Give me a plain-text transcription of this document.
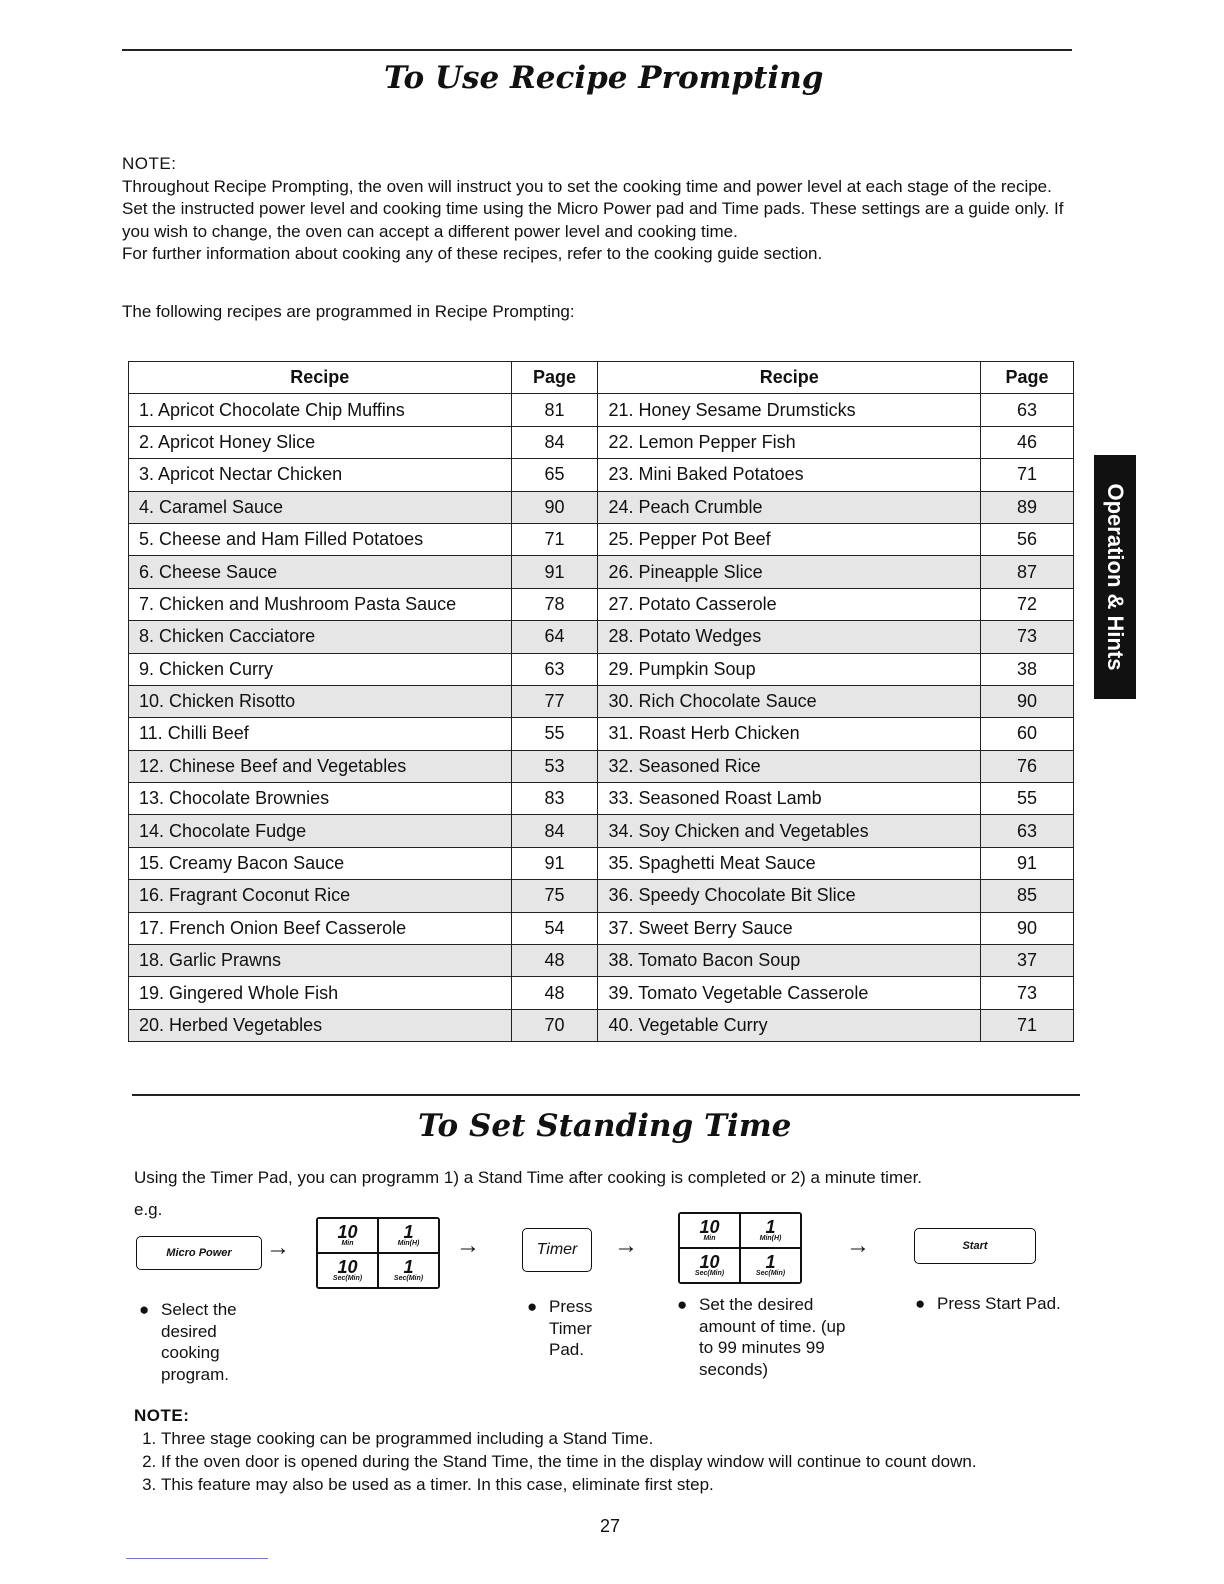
To Use Recipe Prompting

NOTE:

Throughout Recipe Prompting, the oven will instruct you to set the cooking time and power level at each stage of the recipe. Set the instructed power level and cooking time using the Micro Power pad and Time pads. These settings are a guide only. If you wish to change, the oven can accept a different power level and cooking time.

For further information about cooking any of these recipes, refer to the cooking guide section.

The following recipes are programmed in Recipe Prompting:
Recipe	Page	Recipe	Page
1. Apricot Chocolate Chip Muffins	81	21. Honey Sesame Drumsticks	63
2. Apricot Honey Slice	84	22. Lemon Pepper Fish	46
3. Apricot Nectar Chicken	65	23. Mini Baked Potatoes	71
4. Caramel Sauce	90	24. Peach Crumble	89
5. Cheese and Ham Filled Potatoes	71	25. Pepper Pot Beef	56
6. Cheese Sauce	91	26. Pineapple Slice	87
7. Chicken and Mushroom Pasta Sauce	78	27. Potato Casserole	72
8. Chicken Cacciatore	64	28. Potato Wedges	73
9. Chicken Curry	63	29. Pumpkin Soup	38
10. Chicken Risotto	77	30. Rich Chocolate Sauce	90
11. Chilli Beef	55	31. Roast Herb Chicken	60
12. Chinese Beef and Vegetables	53	32. Seasoned Rice	76
13. Chocolate Brownies	83	33. Seasoned Roast Lamb	55
14. Chocolate Fudge	84	34. Soy Chicken and Vegetables	63
15. Creamy Bacon Sauce	91	35. Spaghetti Meat Sauce	91
16. Fragrant Coconut Rice	75	36. Speedy Chocolate Bit Slice	85
17. French Onion Beef Casserole	54	37. Sweet Berry Sauce	90
18. Garlic Prawns	48	38. Tomato Bacon Soup	37
19. Gingered Whole Fish	48	39. Tomato Vegetable Casserole	73
20. Herbed Vegetables	70	40. Vegetable Curry	71
Operation & Hints
To Set Standing Time
Using the Timer Pad, you can programm 1) a Stand Time after cooking is completed or 2) a minute timer.
e.g.
Micro Power	→
10
Min
1
Min(H)
10
Sec(Min)
1
Sec(Min)
→	Timer	→
10
Min
1
Min(H)
10
Sec(Min)
1
Sec(Min)
→	Start
● Select the desired cooking program.
● Press Timer Pad.
● Set the desired amount of time. (up to 99 minutes 99 seconds)
● Press Start Pad.
NOTE:
1. Three stage cooking can be programmed including a Stand Time.
2. If the oven door is opened during the Stand Time, the time in the display window will continue to count down.
3. This feature may also be used as a timer. In this case, eliminate first step.
27
